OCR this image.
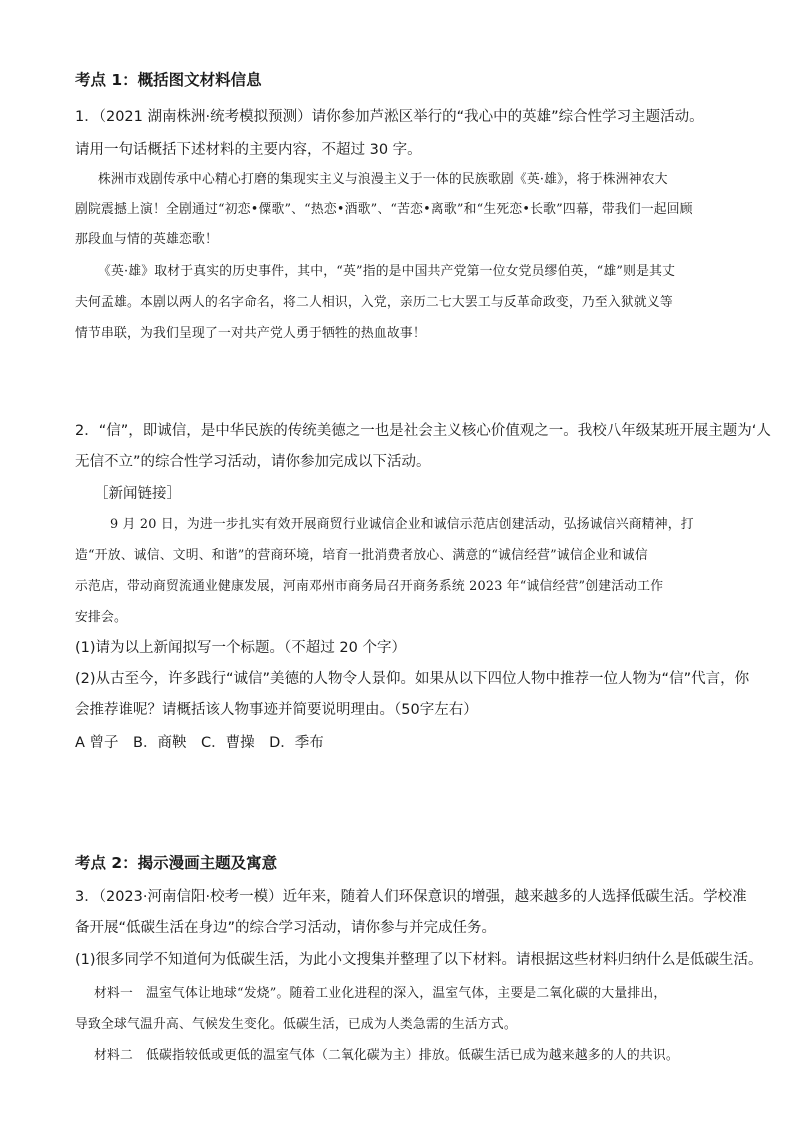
考点 1：概括图文材料信息
1．（2021 湖南株洲·统考模拟预测）请你参加芦淞区举行的“我心中的英雄”综合性学习主题活动。
请用一句话概括下述材料的主要内容，不超过 30 字。
株洲市戏剧传承中心精心打磨的集现实主义与浪漫主义于一体的民族歌剧《英·雄》，将于株洲神农大
剧院震撼上演！全剧通过“初恋•僳歌”、“热恋•酒歌”、“苦恋•离歌”和“生死恋•长歌”四幕，带我们一起回顾
那段血与情的英雄恋歌！
《英·雄》取材于真实的历史事件，其中，“英”指的是中国共产党第一位女党员缪伯英，“雄”则是其丈
夫何孟雄。本剧以两人的名字命名，将二人相识，入党，亲历二七大罢工与反革命政变，乃至入狱就义等
情节串联，为我们呈现了一对共产党人勇于牺牲的热血故事！
2．“信”，即诚信，是中华民族的传统美德之一也是社会主义核心价值观之一。我校八年级某班开展主题为‘人
无信不立”的综合性学习活动，请你参加完成以下活动。
［新闻链接］
9 月 20 日，为进一步扎实有效开展商贸行业诚信企业和诚信示范店创建活动，弘扬诚信兴商精神，打
造“开放、诚信、文明、和谐”的营商环境，培育一批消费者放心、满意的“诚信经营”诚信企业和诚信
示范店，带动商贸流通业健康发展，河南邓州市商务局召开商务系统 2023 年“诚信经营”创建活动工作
安排会。
(1)请为以上新闻拟写一个标题。（不超过 20 个字）
(2)从古至今，许多践行“诚信”美德的人物令人景仰。如果从以下四位人物中推荐一位人物为“信”代言，你
会推荐谁呢？请概括该人物事迹并简要说明理由。（50字左右）
A 曾子　B．商鞅　C．曹操　D．季布
考点 2：揭示漫画主题及寓意
3．（2023·河南信阳·校考一模）近年来，随着人们环保意识的增强，越来越多的人选择低碳生活。学校准
备开展“低碳生活在身边”的综合学习活动，请你参与并完成任务。
(1)很多同学不知道何为低碳生活，为此小文搜集并整理了以下材料。请根据这些材料归纳什么是低碳生活。
材料一　温室气体让地球“发烧”。随着工业化进程的深入，温室气体，主要是二氧化碳的大量排出，
导致全球气温升高、气候发生变化。低碳生活，已成为人类急需的生活方式。
材料二　低碳指较低或更低的温室气体（二氧化碳为主）排放。低碳生活已成为越来越多的人的共识。
